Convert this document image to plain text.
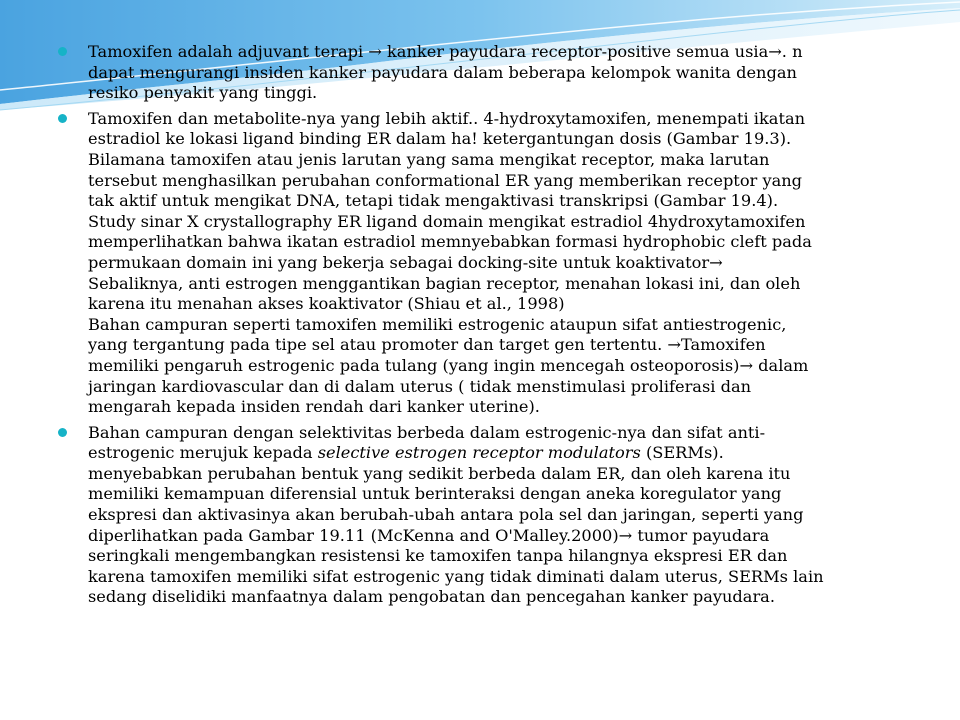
Tamoxifen adalah adjuvant terapi → kanker payudara receptor-positive semua usia→. n
dapat mengurangi insiden kanker payudara dalam beberapa kelompok wanita dengan
resiko penyakit yang tinggi.
Tamoxifen dan metabolite-nya yang lebih aktif.. 4-hydroxytamoxifen, menempati ikatan
estradiol ke lokasi ligand binding ER dalam ha! ketergantungan dosis (Gambar 19.3).
Bilamana tamoxifen atau jenis larutan yang sama mengikat receptor, maka larutan
tersebut menghasilkan perubahan conformational ER yang memberikan receptor yang
tak aktif untuk mengikat DNA, tetapi tidak mengaktivasi transkripsi (Gambar 19.4).
Study sinar X crystallography ER ligand domain mengikat estradiol 4hydroxytamoxifen
memperlihatkan bahwa ikatan estradiol memnyebabkan formasi hydrophobic cleft pada
permukaan domain ini yang bekerja sebagai docking-site untuk koaktivator→
Sebaliknya, anti estrogen menggantikan bagian receptor, menahan lokasi ini, dan oleh
karena itu menahan akses koaktivator (Shiau et al., 1998)
Bahan campuran seperti tamoxifen memiliki estrogenic ataupun sifat antiestrogenic,
yang tergantung pada tipe sel atau promoter dan target gen tertentu. →Tamoxifen
memiliki pengaruh estrogenic pada tulang (yang ingin mencegah osteoporosis)→ dalam
jaringan kardiovascular dan di dalam uterus ( tidak menstimulasi proliferasi dan
mengarah kepada insiden rendah dari kanker uterine).
Bahan campuran dengan selektivitas berbeda dalam estrogenic-nya dan sifat anti-
estrogenic merujuk kepada selective estrogen receptor modulators (SERMs).
menyebabkan perubahan bentuk yang sedikit berbeda dalam ER, dan oleh karena itu
memiliki kemampuan diferensial untuk berinteraksi dengan aneka koregulator yang
ekspresi dan aktivasinya akan berubah-ubah antara pola sel dan jaringan, seperti yang
diperlihatkan pada Gambar 19.11 (McKenna and O'Malley.2000)→ tumor payudara
seringkali mengembangkan resistensi ke tamoxifen tanpa hilangnya ekspresi ER dan
karena tamoxifen memiliki sifat estrogenic yang tidak diminati dalam uterus, SERMs lain
sedang diselidiki manfaatnya dalam pengobatan dan pencegahan kanker payudara.
